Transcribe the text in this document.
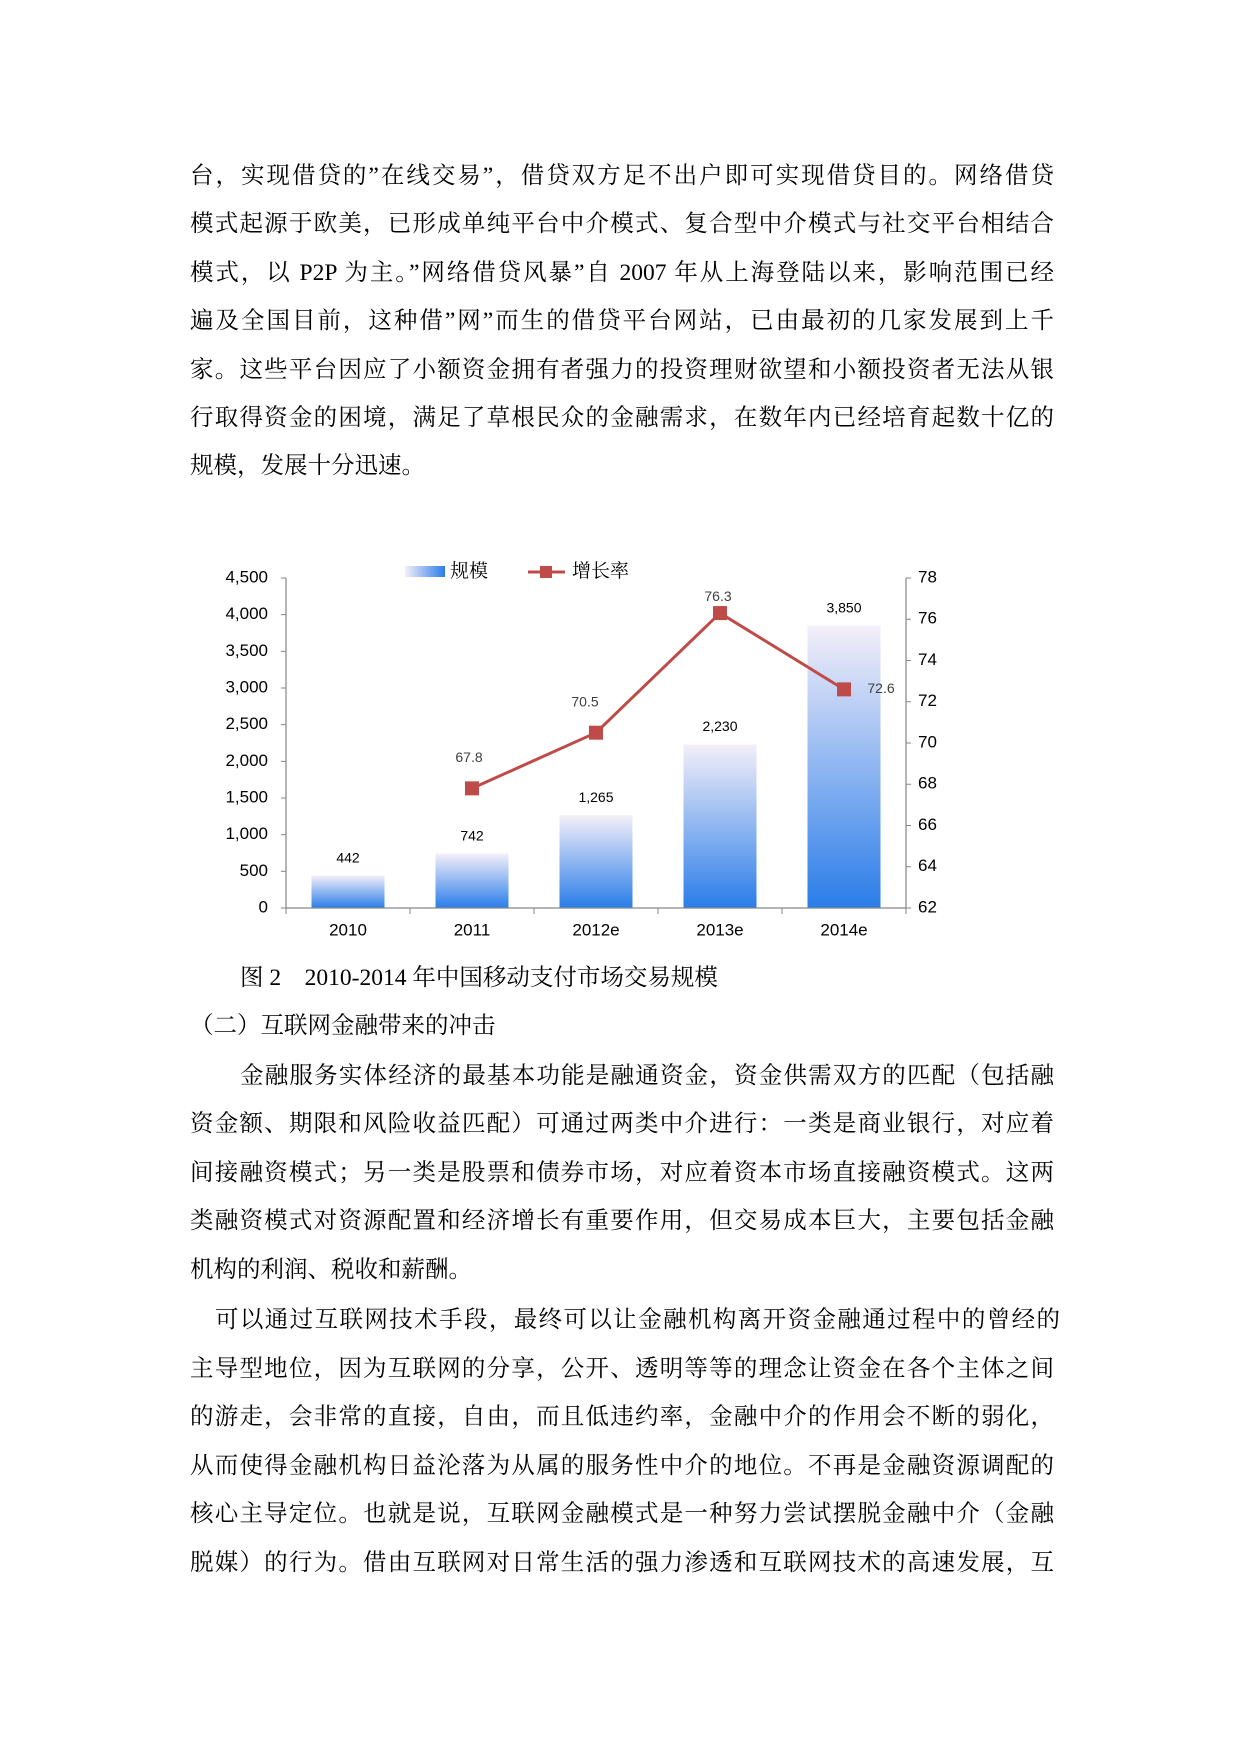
台，实现借贷的”在线交易”，借贷双方足不出户即可实现借贷目的。网络借贷
模式起源于欧美，已形成单纯平台中介模式、复合型中介模式与社交平台相结合
模式，以 P2P 为主。”网络借贷风暴”自 2007 年从上海登陆以来，影响范围已经
遍及全国目前，这种借”网”而生的借贷平台网站，已由最初的几家发展到上千
家。这些平台因应了小额资金拥有者强力的投资理财欲望和小额投资者无法从银
行取得资金的困境，满足了草根民众的金融需求，在数年内已经培育起数十亿的
规模，发展十分迅速。
规模	增长率
442
742
1,265
2,230
3,850
0
500
1,000
1,500
2,000
2,500
3,000
3,500
4,000
4,500
62
64
66
68
70
72
74
76
78
2010	2011	2012e	2013e	2014e
67.8
70.5
76.3
72.6
图 2　2010-2014 年中国移动支付市场交易规模
（二）互联网金融带来的冲击
金融服务实体经济的最基本功能是融通资金，资金供需双方的匹配（包括融
资金额、期限和风险收益匹配）可通过两类中介进行：一类是商业银行，对应着
间接融资模式；另一类是股票和债券市场，对应着资本市场直接融资模式。这两
类融资模式对资源配置和经济增长有重要作用，但交易成本巨大，主要包括金融
机构的利润、税收和薪酬。
可以通过互联网技术手段，最终可以让金融机构离开资金融通过程中的曾经的
主导型地位，因为互联网的分享，公开、透明等等的理念让资金在各个主体之间
的游走，会非常的直接，自由，而且低违约率，金融中介的作用会不断的弱化，
从而使得金融机构日益沦落为从属的服务性中介的地位。不再是金融资源调配的
核心主导定位。也就是说，互联网金融模式是一种努力尝试摆脱金融中介（金融
脱媒）的行为。借由互联网对日常生活的强力渗透和互联网技术的高速发展，互
